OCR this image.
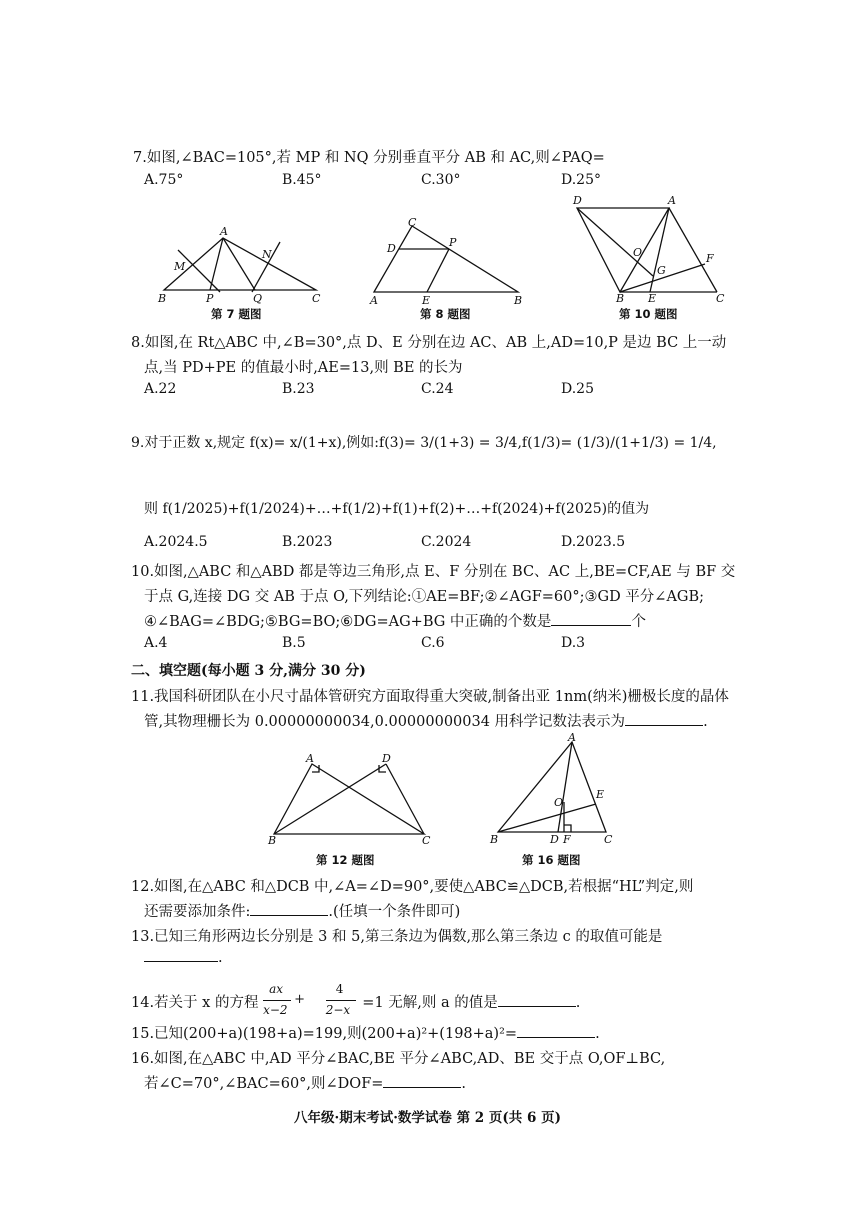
7.如图,∠BAC=105°,若 MP 和 NQ 分别垂直平分 AB 和 AC,则∠PAQ=
A.75°	B.45°	C.30°	D.25°
A
M
N
B	P	Q	C
第 7 题图
C
D	P
A	E	B
第 8 题图
D	A
O
G
F
B E	C
第 10 题图
8.如图,在 Rt△ABC 中,∠B=30°,点 D、E 分别在边 AC、AB 上,AD=10,P 是边 BC 上一动
点,当 PD+PE 的值最小时,AE=13,则 BE 的长为
A.22	B.23	C.24	D.25
9.对于正数 x,规定 f(x)= x/(1+x),例如:f(3)= 3/(1+3) = 3/4,f(1/3)= (1/3)/(1+1/3) = 1/4,
则 f(1/2025)+f(1/2024)+…+f(1/2)+f(1)+f(2)+…+f(2024)+f(2025)的值为
A.2024.5	B.2023	C.2024	D.2023.5
10.如图,△ABC 和△ABD 都是等边三角形,点 E、F 分别在 BC、AC 上,BE=CF,AE 与 BF 交
于点 G,连接 DG 交 AB 于点 O,下列结论:①AE=BF;②∠AGF=60°;③GD 平分∠AGB;
④∠BAG=∠BDG;⑤BG=BO;⑥DG=AG+BG 中正确的个数是	个
A.4	B.5	C.6	D.3
二、填空题(每小题 3 分,满分 30 分)
11.我国科研团队在小尺寸晶体管研究方面取得重大突破,制备出亚 1nm(纳米)栅极长度的晶体
管,其物理栅长为 0.00000000034,0.00000000034 用科学记数法表示为	.
A	D
B	C
第 12 题图
A
O
E
B	D F	C
第 16 题图
12.如图,在△ABC 和△DCB 中,∠A=∠D=90°,要使△ABC≌△DCB,若根据“HL”判定,则
还需要添加条件:	.(任填一个条件即可)
13.已知三角形两边长分别是 3 和 5,第三条边为偶数,那么第三条边 c 的取值可能是
.
14.若关于 x 的方程
ax
x−2
+
$\frac{4}{2-x} =1$ 无解,则 a 的值是	.
15.已知(200+a)(198+a)=199,则(200+a)²+(198+a)²=	.
16.如图,在△ABC 中,AD 平分∠BAC,BE 平分∠ABC,AD、BE 交于点 O,OF⊥BC,
若∠C=70°,∠BAC=60°,则∠DOF=	.
八年级·期末考试·数学试卷 第 2 页(共 6 页)
